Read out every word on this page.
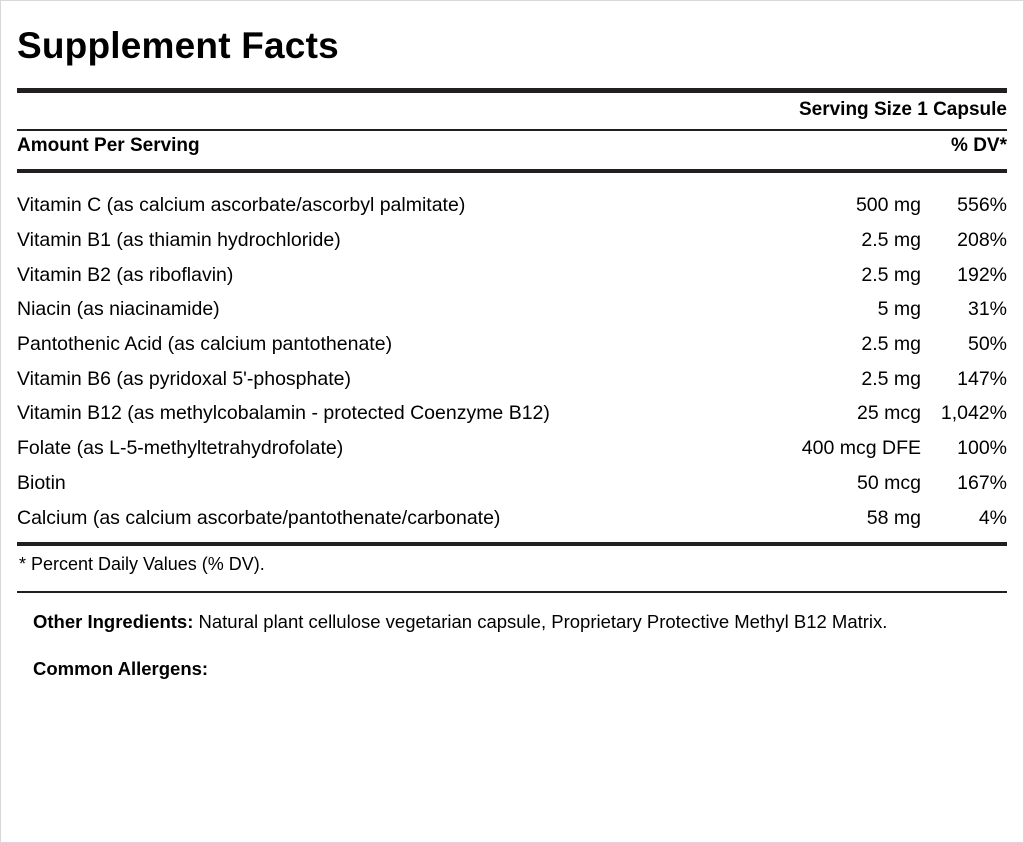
Supplement Facts
Serving Size 1 Capsule
Amount Per Serving	% DV*
Vitamin C (as calcium ascorbate/ascorbyl palmitate)	500 mg	556%
Vitamin B1 (as thiamin hydrochloride)	2.5 mg	208%
Vitamin B2 (as riboflavin)	2.5 mg	192%
Niacin (as niacinamide)	5 mg	31%
Pantothenic Acid (as calcium pantothenate)	2.5 mg	50%
Vitamin B6 (as pyridoxal 5'-phosphate)	2.5 mg	147%
Vitamin B12 (as methylcobalamin - protected Coenzyme B12)	25 mcg	1,042%
Folate (as L-5-methyltetrahydrofolate)	400 mcg DFE	100%
Biotin	50 mcg	167%
Calcium (as calcium ascorbate/pantothenate/carbonate)	58 mg	4%
* Percent Daily Values (% DV).
Other Ingredients: Natural plant cellulose vegetarian capsule, Proprietary Protective Methyl B12 Matrix.
Common Allergens:
